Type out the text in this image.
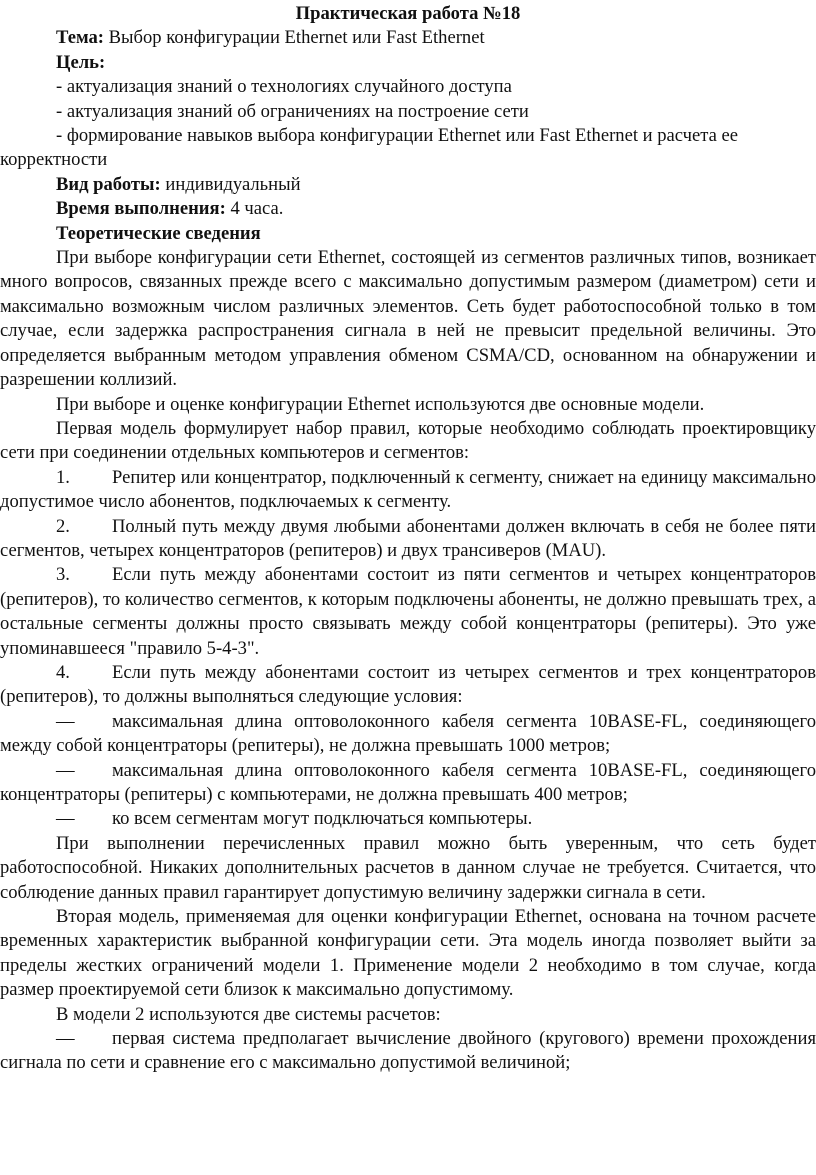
Практическая работа №18

Тема: Выбор конфигурации Ethernet или Fast Ethernet

Цель:

- актуализация знаний о технологиях случайного доступа

- актуализация знаний об ограничениях на построение сети

- формирование навыков выбора конфигурации Ethernet или Fast Ethernet и расчета ее корректности

Вид работы: индивидуальный

Время выполнения: 4 часа.

Теоретические сведения

При выборе конфигурации сети Ethernet, состоящей из сегментов различных типов, возникает много вопросов, связанных прежде всего с максимально допустимым размером (диаметром) сети и максимально возможным числом различных элементов. Сеть будет работоспособной только в том случае, если задержка распространения сигнала в ней не превысит предельной величины. Это определяется выбранным методом управления обменом CSMA/CD, основанном на обнаружении и разрешении коллизий.

При выборе и оценке конфигурации Ethernet используются две основные модели.

Первая модель формулирует набор правил, которые необходимо соблюдать проектировщику сети при соединении отдельных компьютеров и сегментов:

1. Репитер или концентратор, подключенный к сегменту, снижает на единицу максимально допустимое число абонентов, подключаемых к сегменту.

2. Полный путь между двумя любыми абонентами должен включать в себя не более пяти сегментов, четырех концентраторов (репитеров) и двух трансиверов (MAU).

3. Если путь между абонентами состоит из пяти сегментов и четырех концентраторов (репитеров), то количество сегментов, к которым подключены абоненты, не должно превышать трех, а остальные сегменты должны просто связывать между собой концентраторы (репитеры). Это уже упоминавшееся "правило 5-4-3".

4. Если путь между абонентами состоит из четырех сегментов и трех концентраторов (репитеров), то должны выполняться следующие условия:

— максимальная длина оптоволоконного кабеля сегмента 10BASE-FL, соединяющего между собой концентраторы (репитеры), не должна превышать 1000 метров;

— максимальная длина оптоволоконного кабеля сегмента 10BASE-FL, соединяющего концентраторы (репитеры) с компьютерами, не должна превышать 400 метров;

— ко всем сегментам могут подключаться компьютеры.

При выполнении перечисленных правил можно быть уверенным, что сеть будет работоспособной. Никаких дополнительных расчетов в данном случае не требуется. Считается, что соблюдение данных правил гарантирует допустимую величину задержки сигнала в сети.

Вторая модель, применяемая для оценки конфигурации Ethernet, основана на точном расчете временных характеристик выбранной конфигурации сети. Эта модель иногда позволяет выйти за пределы жестких ограничений модели 1. Применение модели 2 необходимо в том случае, когда размер проектируемой сети близок к максимально допустимому.

В модели 2 используются две системы расчетов:

— первая система предполагает вычисление двойного (кругового) времени прохождения сигнала по сети и сравнение его с максимально допустимой величиной;
